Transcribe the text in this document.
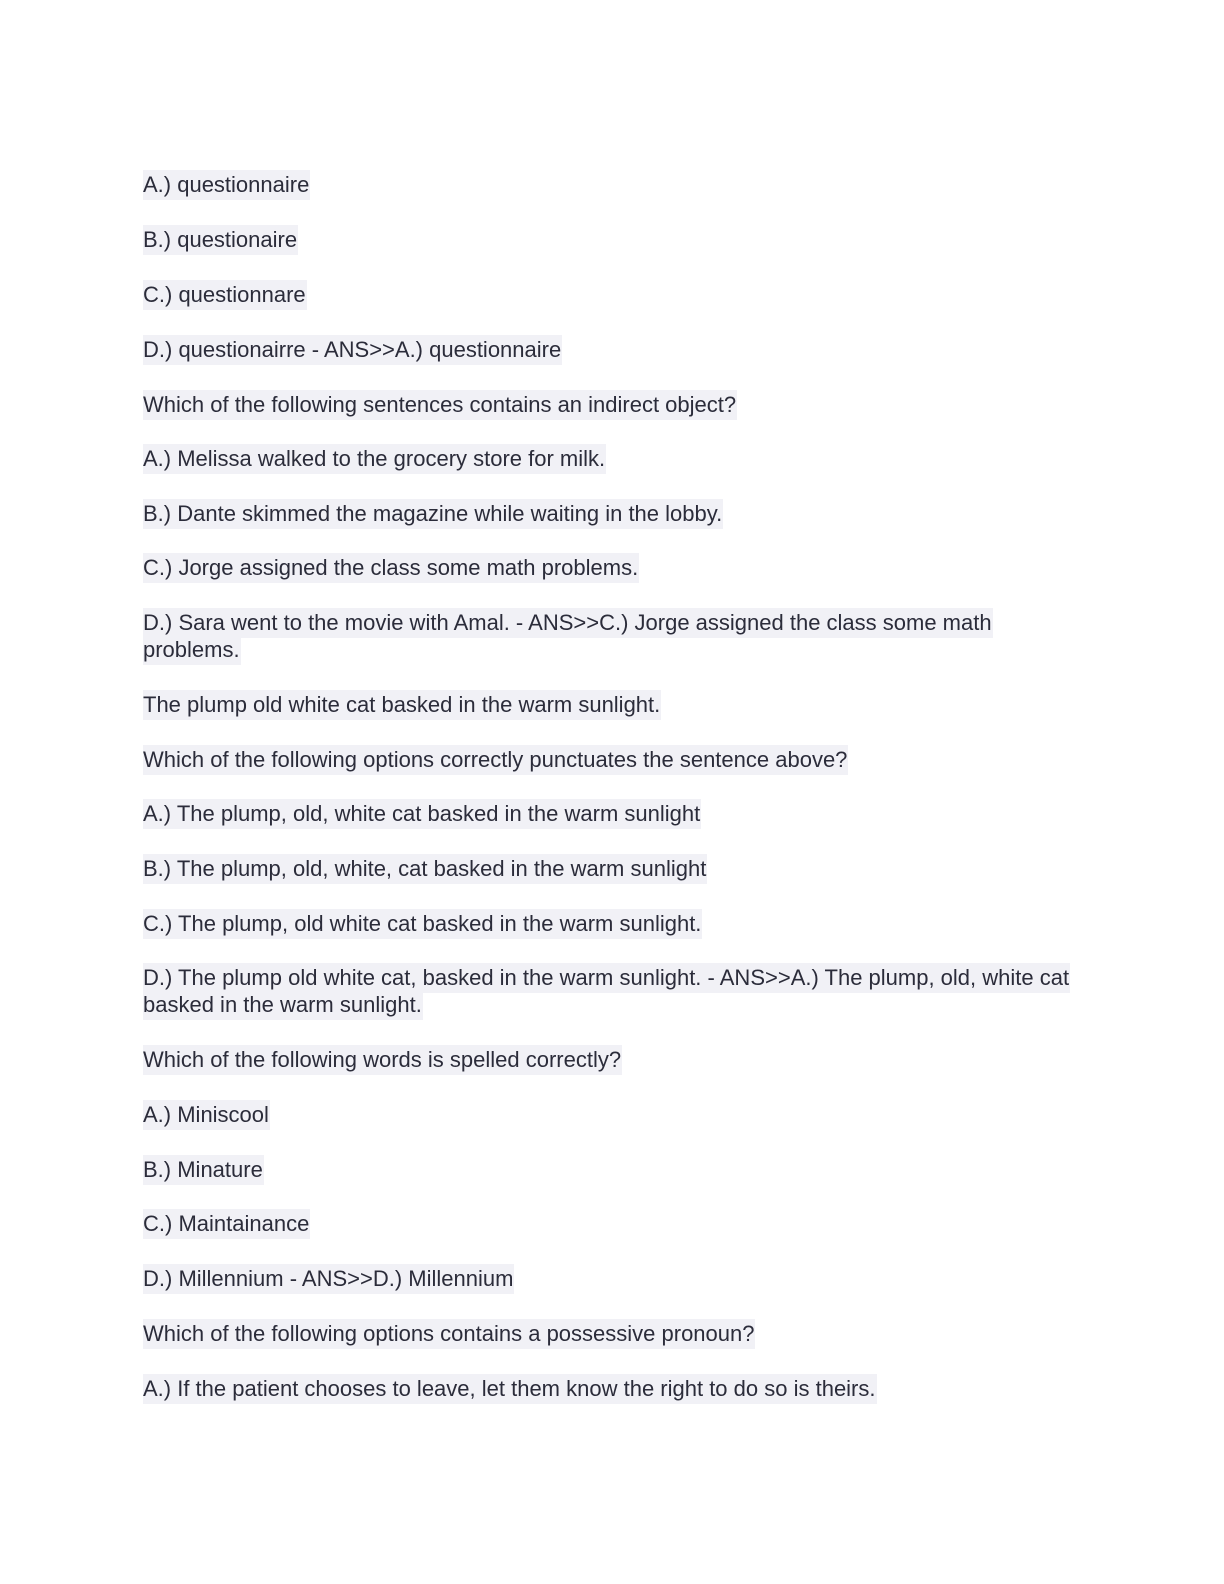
A.) questionnaire
B.) questionaire
C.) questionnare
D.) questionairre - ANS>>A.) questionnaire
Which of the following sentences contains an indirect object?
A.) Melissa walked to the grocery store for milk.
B.) Dante skimmed the magazine while waiting in the lobby.
C.) Jorge assigned the class some math problems.
D.) Sara went to the movie with Amal. - ANS>>C.) Jorge assigned the class some math problems.
The plump old white cat basked in the warm sunlight.
Which of the following options correctly punctuates the sentence above?
A.) The plump, old, white cat basked in the warm sunlight
B.) The plump, old, white, cat basked in the warm sunlight
C.) The plump, old white cat basked in the warm sunlight.
D.) The plump old white cat, basked in the warm sunlight. - ANS>>A.) The plump, old, white cat basked in the warm sunlight.
Which of the following words is spelled correctly?
A.) Miniscool
B.) Minature
C.) Maintainance
D.) Millennium - ANS>>D.) Millennium
Which of the following options contains a possessive pronoun?
A.) If the patient chooses to leave, let them know the right to do so is theirs.
